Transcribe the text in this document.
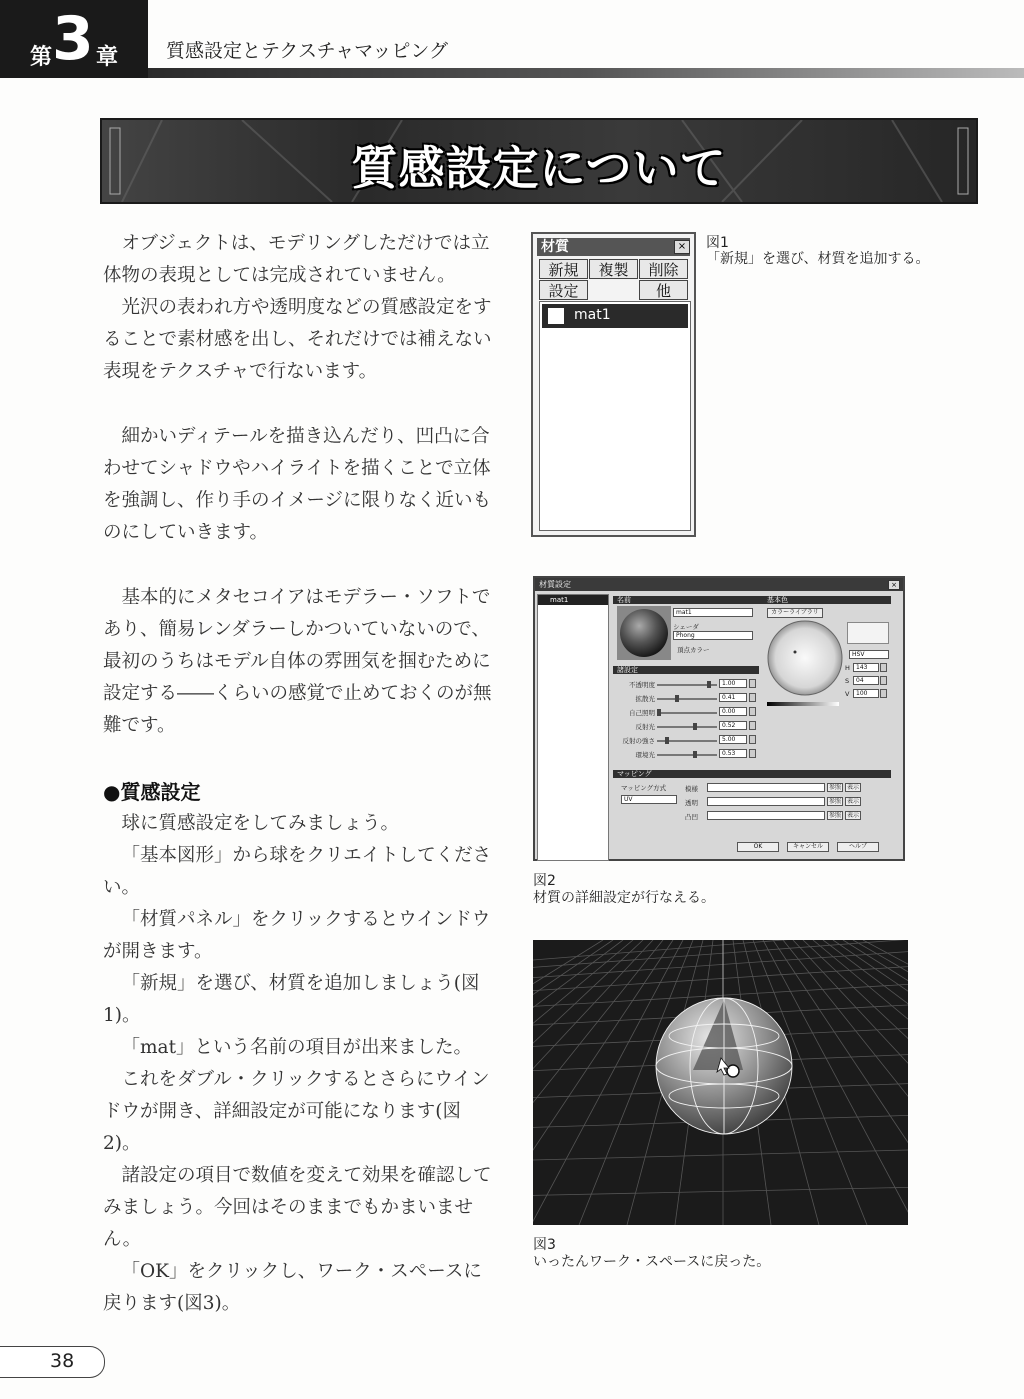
第 3 章	質感設定とテクスチャマッピング
質感設定について

オブジェクトは、モデリングしただけでは立体物の表現としては完成されていません。

光沢の表われ方や透明度などの質感設定をすることで素材感を出し、それだけでは補えない表現をテクスチャで行ないます。

細かいディテールを描き込んだり、凹凸に合わせてシャドウやハイライトを描くことで立体を強調し、作り手のイメージに限りなく近いものにしていきます。

基本的にメタセコイアはモデラー・ソフトであり、簡易レンダラーしかついていないので、最初のうちはモデル自体の雰囲気を掴むために設定する――くらいの感覚で止めておくのが無難です。

●質感設定

球に質感設定をしてみましょう。

「基本図形」から球をクリエイトしてください。

「材質パネル」をクリックするとウインドウが開きます。

「新規」を選び、材質を追加しましょう(図1)。

「mat」という名前の項目が出来ました。

これをダブル・クリックするとさらにウインドウが開き、詳細設定が可能になります(図2)。

諸設定の項目で数値を変えて効果を確認してみましょう。今回はそのままでもかまいません。

「OK」をクリックし、ワーク・スペースに戻ります(図3)。

材質	×
新規	複製	削除
設定	他
mat1
図1
「新規」を選び、材質を追加する。
材質設定	×
mat1	名前
mat1
シェーダ
Phong
頂点カラー
基本色
カラーライブラリ
HSV
H	143
S	04
V	100
諸設定
不透明度	1.00
拡散光	0.41
自己照明	0.00
反射光	0.52
反射の強さ	5.00
環境光	0.53
マッピング
マッピング方式
UV
模様	参照 表示
透明	参照 表示
凸凹	参照 表示
OK	キャンセル	ヘルプ
図2
材質の詳細設定が行なえる。
図3
いったんワーク・スペースに戻った。
38
